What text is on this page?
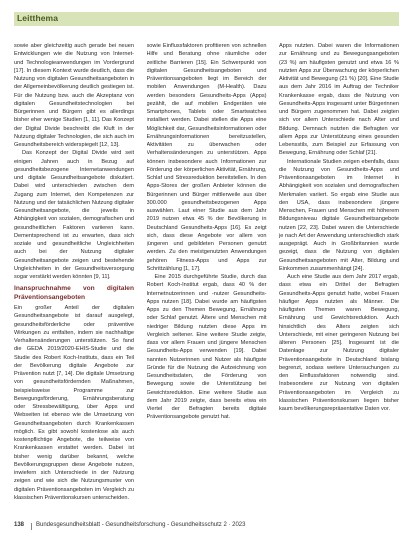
Leitthema

sowie aber gleichzeitig auch gerade bei neuen Entwicklungen wie die Nutzung von Internet- und Technologieanwendungen im Vordergrund [17]. In diesem Kontext wurde deutlich, dass die Nutzung von digitalen Gesundheitsangeboten in der Allgemeinbevölkerung deutlich gestiegen ist. Für die Nutzung bzw. auch die Akzeptanz von digitalen Gesundheitstechnologien bei Bürgerinnen und Bürgern gibt es allerdings bisher eher wenige Studien [1, 11]. Das Konzept der Digital Divide beschreibt die Kluft in der Nutzung digitaler Technologien, die sich auch im Gesundheitsbereich widerspiegelt [12, 13].

Das Konzept der Digital Divide wird seit einigen Jahren auch in Bezug auf gesundheitsbezogene Internetanwendungen und digitale Gesundheitsangebote diskutiert. Dabei wird unterschieden zwischen dem Zugang zum Internet, den Kompetenzen zur Nutzung und der tatsächlichen Nutzung digitaler Gesundheitsangebote, die jeweils in Abhängigkeit von sozialen, demografischen und gesundheitlichen Faktoren variieren kann. Dementsprechend ist zu erwarten, dass sich soziale und gesundheitliche Ungleichheiten auch bei der Nutzung digitaler Gesundheitsangebote zeigen und bestehende Ungleichheiten in der Gesundheitsversorgung sogar verstärkt werden könnten [9, 11].

Inanspruchnahme von digitalen Präventionsangeboten

Ein großer Anteil der digitalen Gesundheitsangebote ist darauf ausgelegt, gesundheitsförderliche oder präventive Wirkungen zu entfalten, indem sie nachhaltige Verhaltensänderungen unterstützen. So fand die GEDA 2019/2020-EHIS-Studie und die Studie des Robert Koch-Instituts, dass ein Teil der Bevölkerung digitale Angebote zur Prävention nutzt [7, 14]. Die digitale Umsetzung von gesundheitsfördernden Maßnahmen, beispielsweise Programme zur Bewegungsförderung, Ernährungsberatung oder Stressbewältigung, über Apps und Webseiten ist ebenso wie die Umsetzung von Gesundheitsangeboten durch Krankenkassen möglich. Es gibt sowohl kostenlose als auch kostenpflichtige Angebote, die teilweise von Krankenkassen erstattet werden. Dabei ist bisher wenig darüber bekannt, welche Bevölkerungsgruppen diese Angebote nutzen, inwiefern sich Unterschiede in der Nutzung zeigen und wie sich die Nutzungsmuster von digitalen Präventionsangeboten im Vergleich zu klassischen Präventionskursen unterscheiden.

sowie Einflussfaktoren profitieren von schnellen Hilfe und Beratung ohne räumliche oder zeitliche Barrieren [15]. Ein Schwerpunkt von digitalen Gesundheitsangeboten und Präventionsangeboten liegt im Bereich der mobilen Anwendungen (M-Health). Dazu werden besonders Gesundheits-Apps (Apps) gezählt, die auf mobilen Endgeräten wie Smartphones, Tablets oder Smartwatches installiert werden. Dabei stellen die Apps eine Möglichkeit dar, Gesundheitsinformationen oder Ernährungsinformationen bereitzustellen, Aktivitäten zu überwachen oder Verhaltensänderungen zu unterstützen. Apps können insbesondere auch Informationen zur Förderung der körperlichen Aktivität, Ernährung, Schlaf und Stressreduktion bereitstellen. In den Apps-Stores der großen Anbieter können die Bürgerinnen und Bürger mittlerweile aus über 300.000 gesundheitsbezogenen Apps auswählen. Laut einer Studie aus dem Jahr 2019 nutzen etwa 45 % der Bevölkerung in Deutschland Gesundheits-Apps [16]. Es zeigt sich, dass diese Angebote vor allem von jüngeren und gebildeten Personen genutzt werden. Zu den meistgenutzten Anwendungen gehören Fitness-Apps und Apps zur Schrittzählung [1, 17].

Eine 2015 durchgeführte Studie, durch das Robert Koch-Institut ergab, dass 40 % der Internetnutzerinnen und -nutzer Gesundheits-Apps nutzen [18]. Dabei wurde am häufigsten Apps zu den Themen Bewegung, Ernährung oder Schlaf genutzt. Ältere und Menschen mit niedriger Bildung nutzten diese Apps im Vergleich seltener. Eine weitere Studie zeigte, dass vor allem Frauen und jüngere Menschen Gesundheits-Apps verwenden [19]. Dabei nannten Nutzerinnen und Nutzer als häufigste Gründe für die Nutzung die Aufzeichnung von Gesundheitsdaten, die Förderung von Bewegung sowie die Unterstützung bei Gewichtsreduktion. Eine weitere Studie aus dem Jahr 2019 zeigte, dass bereits etwa ein Viertel der Befragten bereits digitale Präventionsangebote genutzt hat.

Apps nutzten. Dabei waren die Informationen zur Ernährung und zu Bewegungsangeboten (23 %) am häufigsten genutzt und etwa 16 % nutzten Apps zur Überwachung der körperlichen Aktivität und Bewegung (21 %) [20]. Eine Studie aus dem Jahr 2016 im Auftrag der Techniker Krankenkasse ergab, dass die Nutzung von Gesundheits-Apps insgesamt unter Bürgerinnen und Bürgern zugenommen hat. Dabei zeigten sich vor allem Unterschiede nach Alter und Bildung. Demnach nutzten die Befragten vor allem Apps zur Unterstützung eines gesunden Lebensstils, zum Beispiel zur Erfassung von Bewegung, Ernährung oder Schlaf [21].

Internationale Studien zeigen ebenfalls, dass die Nutzung von Gesundheits-Apps und Präventionsangeboten im Internet in Abhängigkeit von sozialen und demografischen Merkmalen variiert. So ergab eine Studie aus den USA, dass insbesondere jüngere Menschen, Frauen und Menschen mit höherem Bildungsniveau digitale Gesundheitsangebote nutzen [22, 23]. Dabei waren die Unterschiede je nach Art der Anwendung unterschiedlich stark ausgeprägt. Auch in Großbritannien wurde gezeigt, dass die Nutzung von digitalen Gesundheitsangeboten mit Alter, Bildung und Einkommen zusammenhängt [24].

Auch eine Studie aus dem Jahr 2017 ergab, dass etwa ein Drittel der Befragten Gesundheits-Apps genutzt hatte, wobei Frauen häufiger Apps nutzten als Männer. Die häufigsten Themen waren Bewegung, Ernährung und Gewichtsreduktion. Auch hinsichtlich des Alters zeigten sich Unterschiede, mit einer geringeren Nutzung bei älteren Personen [25]. Insgesamt ist die Datenlage zur Nutzung digitaler Präventionsangebote in Deutschland bislang begrenzt, sodass weitere Untersuchungen zu den Einflussfaktoren notwendig sind. Insbesondere zur Nutzung von digitalen Präventionsangeboten im Vergleich zu klassischen Präventionskursen liegen bisher kaum bevölkerungsrepräsentative Daten vor.

138 Bundesgesundheitsblatt - Gesundheitsforschung - Gesundheitsschutz 2 · 2023
